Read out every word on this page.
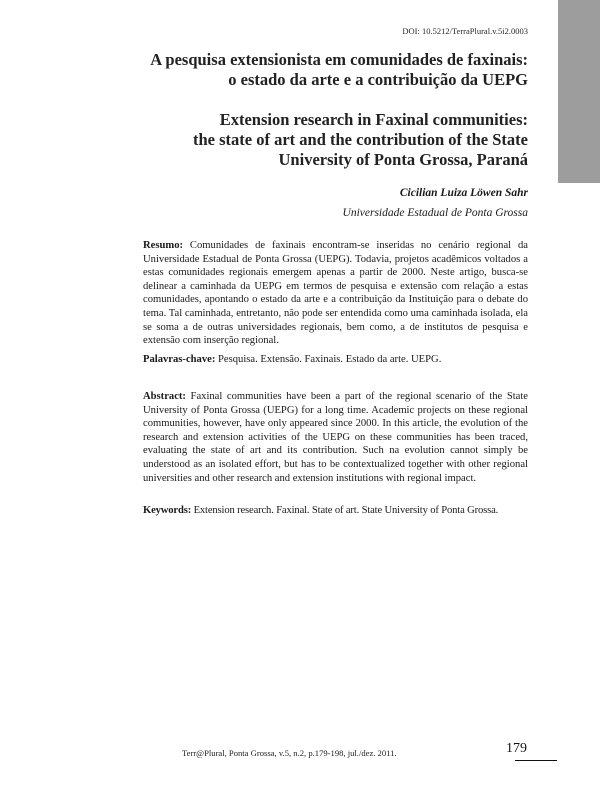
DOI: 10.5212/TerraPlural.v.5i2.0003
A pesquisa extensionista em comunidades de faxinais:
o estado da arte e a contribuição da UEPG
Extension research in Faxinal communities:
the state of art and the contribution of the State
University of Ponta Grossa, Paraná
Cicilian Luiza Löwen Sahr
Universidade Estadual de Ponta Grossa
Resumo: Comunidades de faxinais encontram-se inseridas no cenário regional da Universidade Estadual de Ponta Grossa (UEPG). Todavia, projetos acadêmicos voltados a estas comunidades regionais emergem apenas a partir de 2000. Neste artigo, busca-se delinear a caminhada da UEPG em termos de pesquisa e extensão com relação a estas comunidades, apontando o estado da arte e a contribuição da Instituição para o debate do tema. Tal caminhada, entretanto, não pode ser entendida como uma caminhada isolada, ela se soma a de outras universidades regionais, bem como, a de institutos de pesquisa e extensão com inserção regional.
Palavras-chave: Pesquisa. Extensão. Faxinais. Estado da arte. UEPG.
Abstract: Faxinal communities have been a part of the regional scenario of the State University of Ponta Grossa (UEPG) for a long time. Academic projects on these regional communities, however, have only appeared since 2000. In this article, the evolution of the research and extension activities of the UEPG on these communities has been traced, evaluating the state of art and its contribution. Such na evolution cannot simply be understood as an isolated effort, but has to be contextualized together with other regional universities and other research and extension institutions with regional impact.
Keywords: Extension research. Faxinal. State of art. State University of Ponta Grossa.
Terr@Plural, Ponta Grossa, v.5, n.2, p.179-198, jul./dez. 2011.	179
